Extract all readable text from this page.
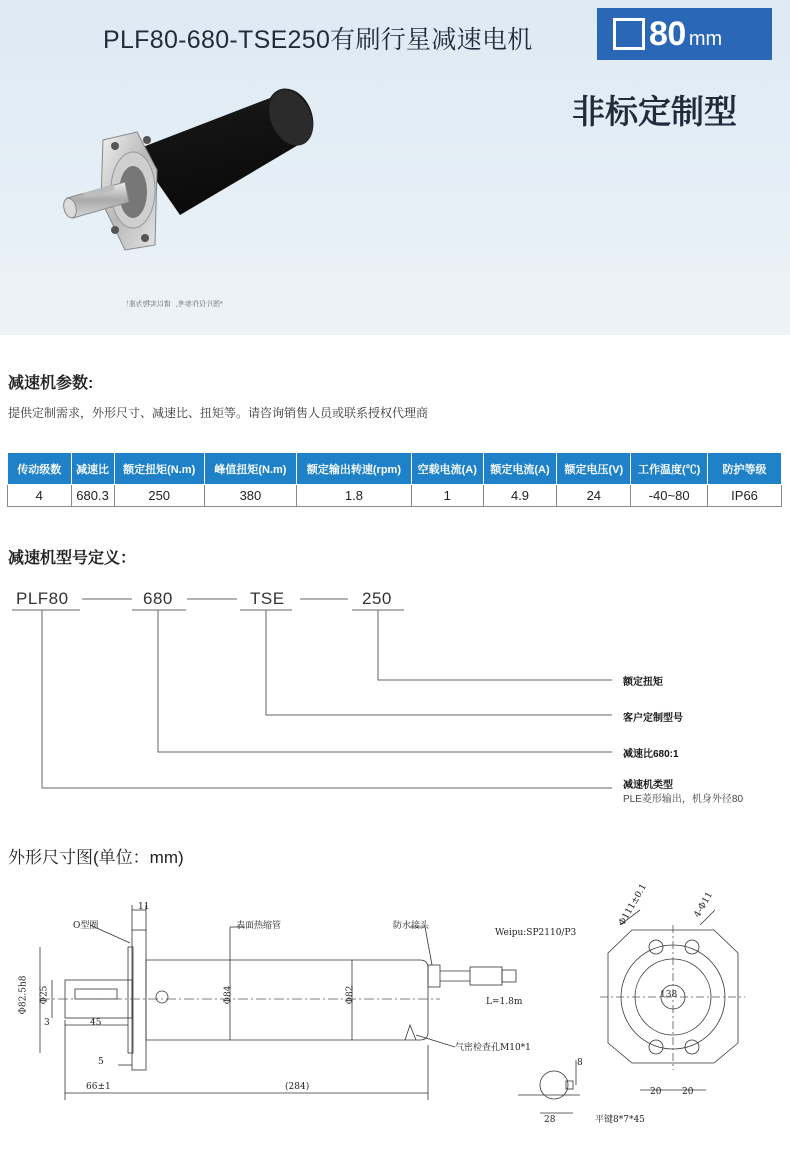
PLF80-680-TSE250有刷行星减速电机	80 mm
非标定制型
*图片仅作参考，请以实物为准！
减速机参数:
提供定制需求，外形尺寸、减速比、扭矩等。请咨询销售人员或联系授权代理商
传动级数	减速比	额定扭矩(N.m)	峰值扭矩(N.m)	额定输出转速(rpm)	空载电流(A)	额定电流(A)	额定电压(V)	工作温度(℃)	防护等级
4	680.3	250	380	1.8	1	4.9	24	-40~80	IP66
减速机型号定义：
PLF80	680	TSE	250
额定扭矩
客户定制型号
减速比680:1
减速机类型
PLE菱形输出，机身外径80
外形尺寸图(单位：mm)
O型圈
11
表面热缩管	防水接头
Weipu:SP2110/P3
L=1.8m
气密检查孔M10*1
平键8*7*45
3	45
5
66±1	(284)
Φ84	Φ82
Φ82.5h8 Φ25
Φ111±0.1	4-Φ11
20 20
28
8
138
